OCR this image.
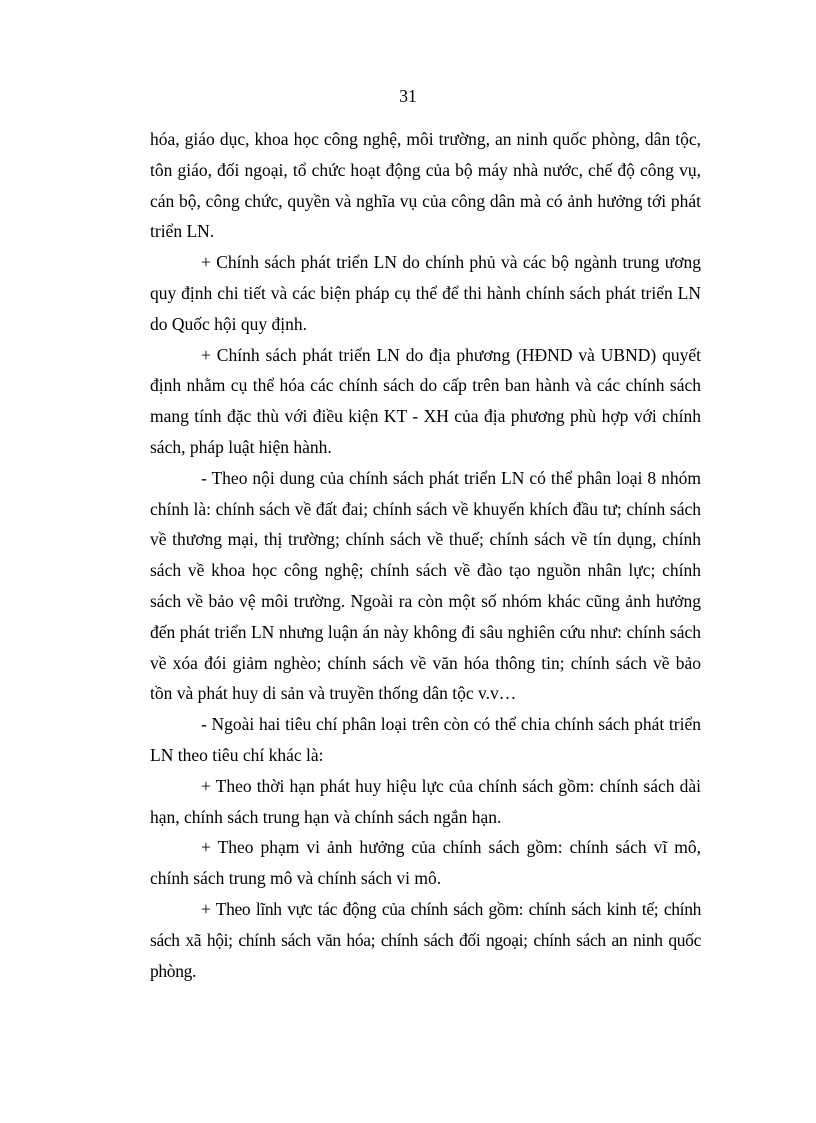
31

hóa, giáo dục, khoa học công nghệ, môi trường, an ninh quốc phòng, dân tộc, tôn giáo, đối ngoại, tổ chức hoạt động của bộ máy nhà nước, chế độ công vụ, cán bộ, công chức, quyền và nghĩa vụ của công dân mà có ảnh hưởng tới phát triển LN.

+ Chính sách phát triển LN do chính phủ và các bộ ngành trung ương quy định chi tiết và các biện pháp cụ thể để thi hành chính sách phát triển LN do Quốc hội quy định.

+ Chính sách phát triển LN do địa phương (HĐND và UBND) quyết định nhằm cụ thể hóa các chính sách do cấp trên ban hành và các chính sách mang tính đặc thù với điều kiện KT - XH của địa phương phù hợp với chính sách, pháp luật hiện hành.

- Theo nội dung của chính sách phát triển LN có thể phân loại 8 nhóm chính là: chính sách về đất đai; chính sách về khuyến khích đầu tư; chính sách về thương mại, thị trường; chính sách về thuế; chính sách về tín dụng, chính sách về khoa học công nghệ; chính sách về đào tạo nguồn nhân lực; chính sách về bảo vệ môi trường. Ngoài ra còn một số nhóm khác cũng ảnh hưởng đến phát triển LN nhưng luận án này không đi sâu nghiên cứu như: chính sách về xóa đói giảm nghèo; chính sách về văn hóa thông tin; chính sách về bảo tồn và phát huy di sản và truyền thống dân tộc v.v…

- Ngoài hai tiêu chí phân loại trên còn có thể chia chính sách phát triển LN theo tiêu chí khác là:

+ Theo thời hạn phát huy hiệu lực của chính sách gồm: chính sách dài hạn, chính sách trung hạn và chính sách ngắn hạn.

+ Theo phạm vi ảnh hưởng của chính sách gồm: chính sách vĩ mô, chính sách trung mô và chính sách vi mô.

+ Theo lĩnh vực tác động của chính sách gồm: chính sách kinh tế; chính sách xã hội; chính sách văn hóa; chính sách đối ngoại; chính sách an ninh quốc phòng.
